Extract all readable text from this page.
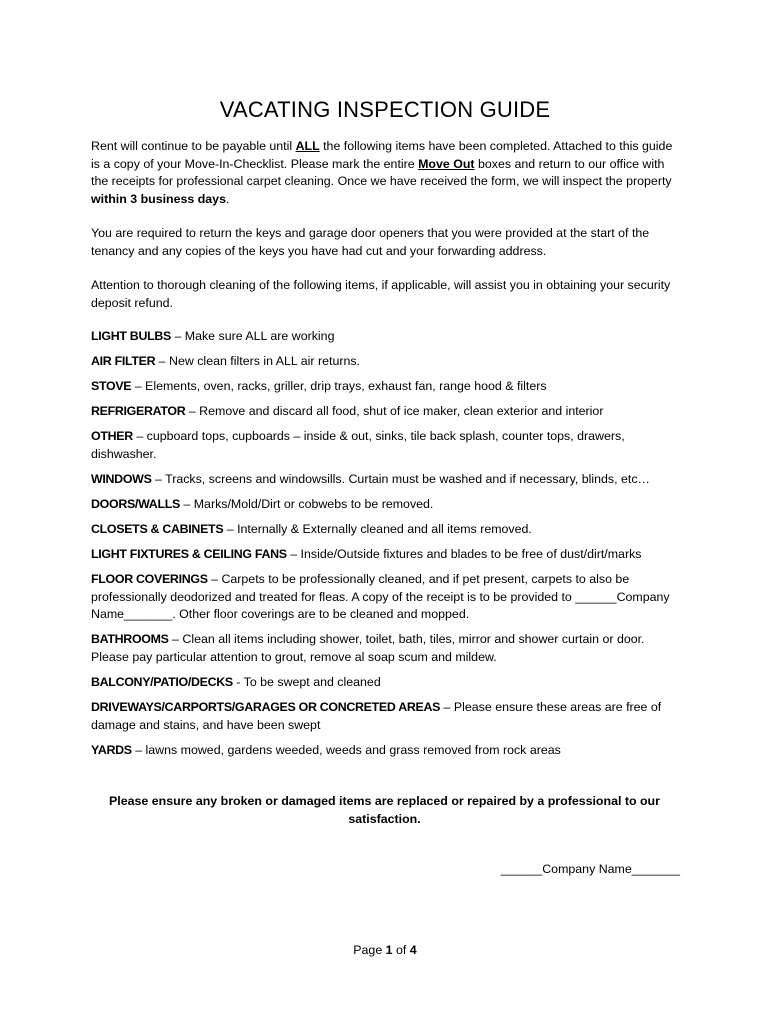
VACATING INSPECTION GUIDE
Rent will continue to be payable until ALL the following items have been completed. Attached to this guide is a copy of your Move-In-Checklist. Please mark the entire Move Out boxes and return to our office with the receipts for professional carpet cleaning. Once we have received the form, we will inspect the property within 3 business days.
You are required to return the keys and garage door openers that you were provided at the start of the tenancy and any copies of the keys you have had cut and your forwarding address.
Attention to thorough cleaning of the following items, if applicable, will assist you in obtaining your security deposit refund.
LIGHT BULBS – Make sure ALL are working
AIR FILTER – New clean filters in ALL air returns.
STOVE – Elements, oven, racks, griller, drip trays, exhaust fan, range hood & filters
REFRIGERATOR – Remove and discard all food, shut of ice maker, clean exterior and interior
OTHER – cupboard tops, cupboards – inside & out, sinks, tile back splash, counter tops, drawers, dishwasher.
WINDOWS – Tracks, screens and windowsills. Curtain must be washed and if necessary, blinds, etc…
DOORS/WALLS – Marks/Mold/Dirt or cobwebs to be removed.
CLOSETS & CABINETS – Internally & Externally cleaned and all items removed.
LIGHT FIXTURES & CEILING FANS – Inside/Outside fixtures and blades to be free of dust/dirt/marks
FLOOR COVERINGS – Carpets to be professionally cleaned, and if pet present, carpets to also be professionally deodorized and treated for fleas. A copy of the receipt is to be provided to ______Company Name_______. Other floor coverings are to be cleaned and mopped.
BATHROOMS – Clean all items including shower, toilet, bath, tiles, mirror and shower curtain or door. Please pay particular attention to grout, remove al soap scum and mildew.
BALCONY/PATIO/DECKS - To be swept and cleaned
DRIVEWAYS/CARPORTS/GARAGES OR CONCRETED AREAS – Please ensure these areas are free of damage and stains, and have been swept
YARDS – lawns mowed, gardens weeded, weeds and grass removed from rock areas
Please ensure any broken or damaged items are replaced or repaired by a professional to our satisfaction.
______Company Name_______
Page 1 of 4
